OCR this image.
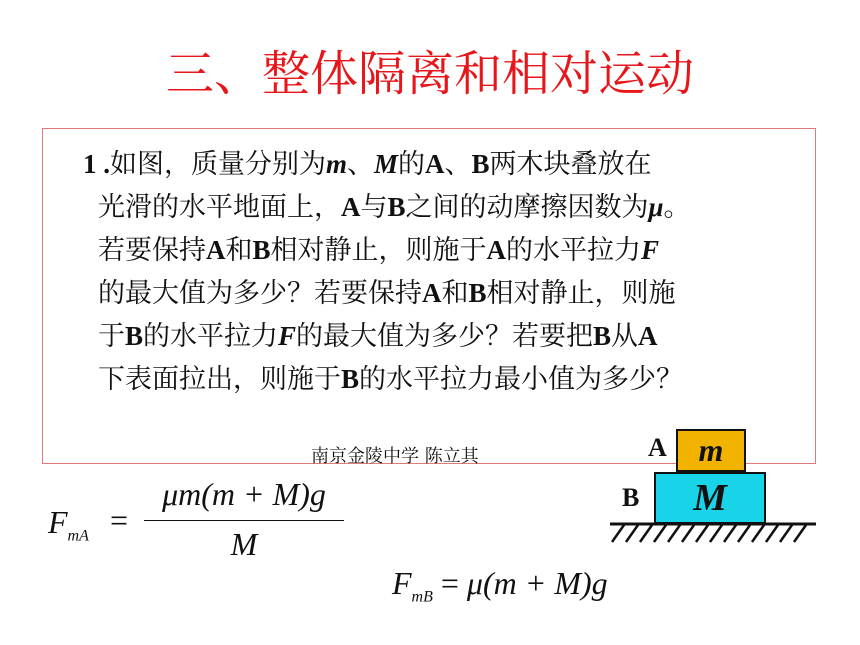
三、整体隔离和相对运动
1 .如图，质量分别为m、M的A、B两木块叠放在
光滑的水平地面上，A与B之间的动摩擦因数为μ。
若要保持A和B相对静止，则施于A的水平拉力F
的最大值为多少？若要保持A和B相对静止，则施
于B的水平拉力F的最大值为多少？若要把B从A
下表面拉出，则施于B的水平拉力最小值为多少？
南京金陵中学 陈立其
$F_{mA}$ =
μm(m + M)g
M
$F_{mB} = \mu(m + M)g$
A
B
m
M
